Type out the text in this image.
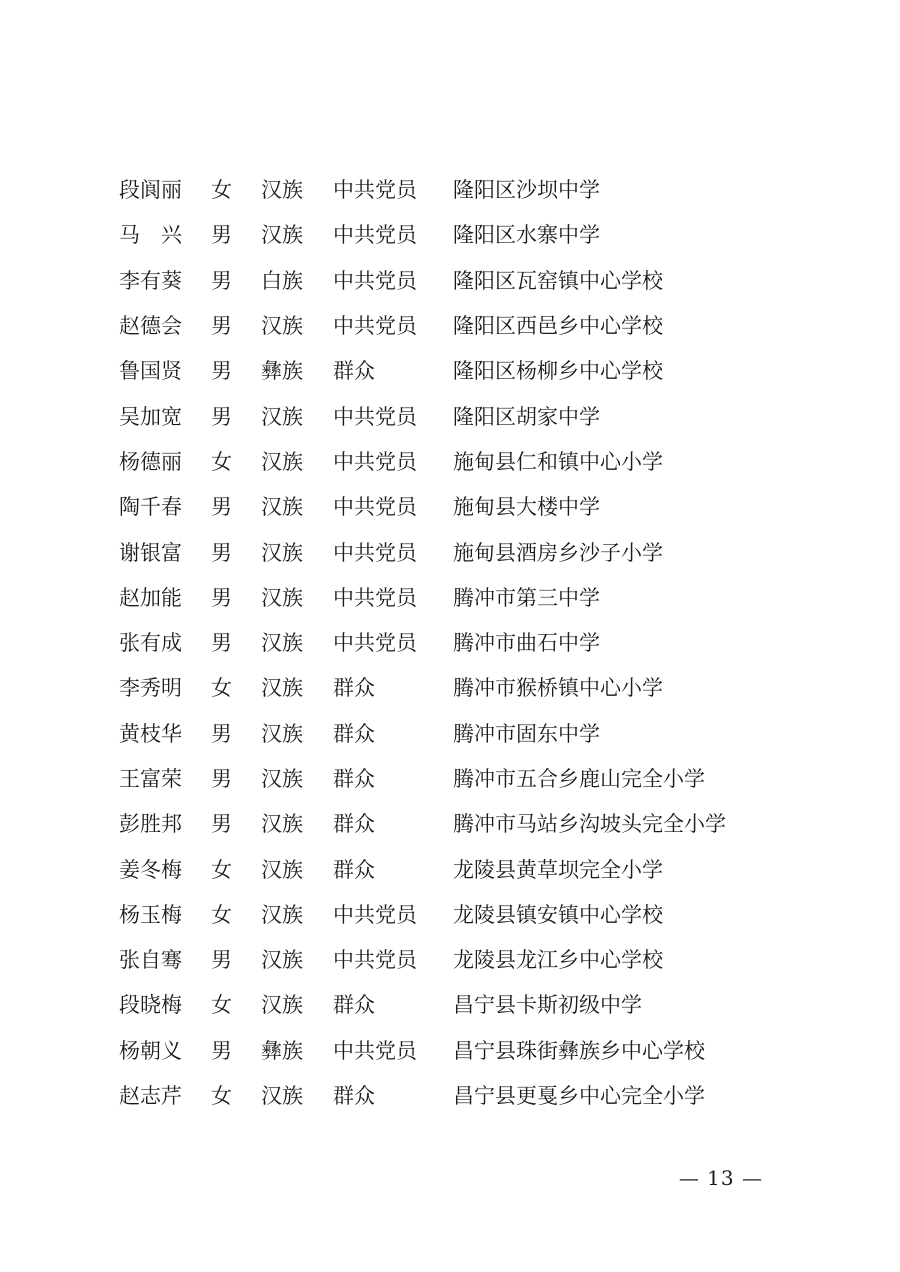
段阆丽	女	汉族	中共党员	隆阳区沙坝中学
马　兴	男	汉族	中共党员	隆阳区水寨中学
李有葵	男	白族	中共党员	隆阳区瓦窑镇中心学校
赵德会	男	汉族	中共党员	隆阳区西邑乡中心学校
鲁国贤	男	彝族	群众	隆阳区杨柳乡中心学校
吴加宽	男	汉族	中共党员	隆阳区胡家中学
杨德丽	女	汉族	中共党员	施甸县仁和镇中心小学
陶千春	男	汉族	中共党员	施甸县大楼中学
谢银富	男	汉族	中共党员	施甸县酒房乡沙子小学
赵加能	男	汉族	中共党员	腾冲市第三中学
张有成	男	汉族	中共党员	腾冲市曲石中学
李秀明	女	汉族	群众	腾冲市猴桥镇中心小学
黄枝华	男	汉族	群众	腾冲市固东中学
王富荣	男	汉族	群众	腾冲市五合乡鹿山完全小学
彭胜邦	男	汉族	群众	腾冲市马站乡沟坡头完全小学
姜冬梅	女	汉族	群众	龙陵县黄草坝完全小学
杨玉梅	女	汉族	中共党员	龙陵县镇安镇中心学校
张自骞	男	汉族	中共党员	龙陵县龙江乡中心学校
段晓梅	女	汉族	群众	昌宁县卡斯初级中学
杨朝义	男	彝族	中共党员	昌宁县珠街彝族乡中心学校
赵志芹	女	汉族	群众	昌宁县更戛乡中心完全小学
— 13 —
